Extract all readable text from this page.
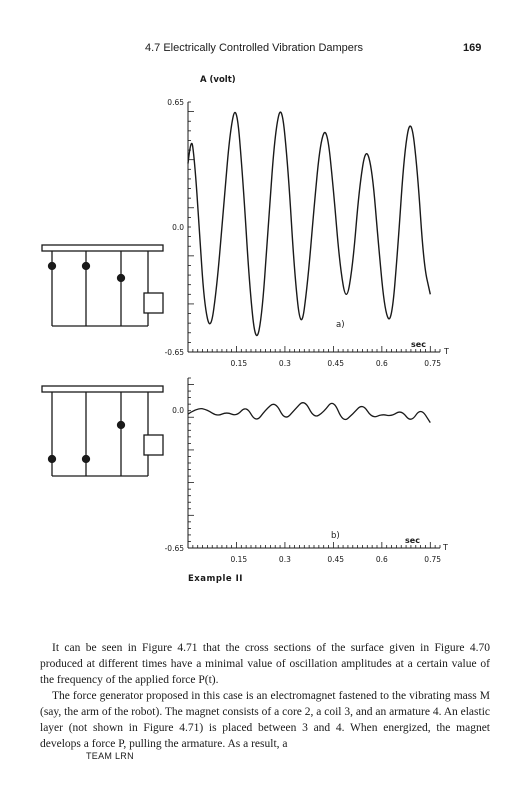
4.7 Electrically Controlled Vibration Dampers	169
A (volt)
0.65
0.0
-0.65
0.15	0.3	0.45	0.6	0.75
a)
sec
T
0.0
-0.65
0.15	0.3	0.45	0.6	0.75
b)	sec
T
Example II

It can be seen in Figure 4.71 that the cross sections of the surface given in Figure 4.70 produced at different times have a minimal value of oscillation amplitudes at a certain value of the frequency of the applied force P(t).

The force generator proposed in this case is an electromagnet fastened to the vibrating mass M (say, the arm of the robot). The magnet consists of a core 2, a coil 3, and an armature 4. An elastic layer (not shown in Figure 4.71) is placed between 3 and 4. When energized, the magnet develops a force P, pulling the armature. As a result, a

TEAM LRN
